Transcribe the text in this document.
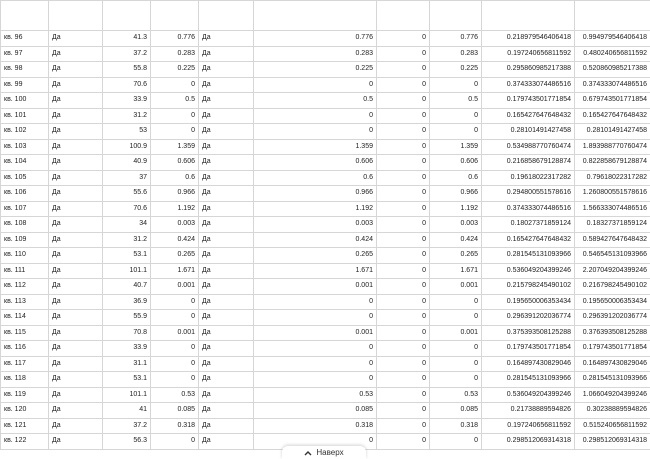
кв. 96	Да	41.3	0.776	Да	0.776	0	0.776	0.218979546406418	0.994979546406418
кв. 97	Да	37.2	0.283	Да	0.283	0	0.283	0.197240656811592	0.480240656811592
кв. 98	Да	55.8	0.225	Да	0.225	0	0.225	0.295860985217388	0.520860985217388
кв. 99	Да	70.6	0	Да	0	0	0	0.374333074486516	0.374333074486516
кв. 100	Да	33.9	0.5	Да	0.5	0	0.5	0.179743501771854	0.679743501771854
кв. 101	Да	31.2	0	Да	0	0	0	0.165427647648432	0.165427647648432
кв. 102	Да	53	0	Да	0	0	0	0.28101491427458	0.28101491427458
кв. 103	Да	100.9	1.359	Да	1.359	0	1.359	0.534988770760474	1.893988770760474
кв. 104	Да	40.9	0.606	Да	0.606	0	0.606	0.216858679128874	0.822858679128874
кв. 105	Да	37	0.6	Да	0.6	0	0.6	0.19618022317282	0.79618022317282
кв. 106	Да	55.6	0.966	Да	0.966	0	0.966	0.294800551578616	1.260800551578616
кв. 107	Да	70.6	1.192	Да	1.192	0	1.192	0.374333074486516	1.566333074486516
кв. 108	Да	34	0.003	Да	0.003	0	0.003	0.18027371859124	0.18327371859124
кв. 109	Да	31.2	0.424	Да	0.424	0	0.424	0.165427647648432	0.589427647648432
кв. 110	Да	53.1	0.265	Да	0.265	0	0.265	0.281545131093966	0.546545131093966
кв. 111	Да	101.1	1.671	Да	1.671	0	1.671	0.536049204399246	2.207049204399246
кв. 112	Да	40.7	0.001	Да	0.001	0	0.001	0.215798245490102	0.216798245490102
кв. 113	Да	36.9	0	Да	0	0	0	0.195650006353434	0.195650006353434
кв. 114	Да	55.9	0	Да	0	0	0	0.296391202036774	0.296391202036774
кв. 115	Да	70.8	0.001	Да	0.001	0	0.001	0.375393508125288	0.376393508125288
кв. 116	Да	33.9	0	Да	0	0	0	0.179743501771854	0.179743501771854
кв. 117	Да	31.1	0	Да	0	0	0	0.164897430829046	0.164897430829046
кв. 118	Да	53.1	0	Да	0	0	0	0.281545131093966	0.281545131093966
кв. 119	Да	101.1	0.53	Да	0.53	0	0.53	0.536049204399246	1.066049204399246
кв. 120	Да	41	0.085	Да	0.085	0	0.085	0.21738889594826	0.30238889594826
кв. 121	Да	37.2	0.318	Да	0.318	0	0.318	0.197240656811592	0.515240656811592
кв. 122	Да	56.3	0	Да	0	0	0	0.298512069314318	0.298512069314318
Наверх
